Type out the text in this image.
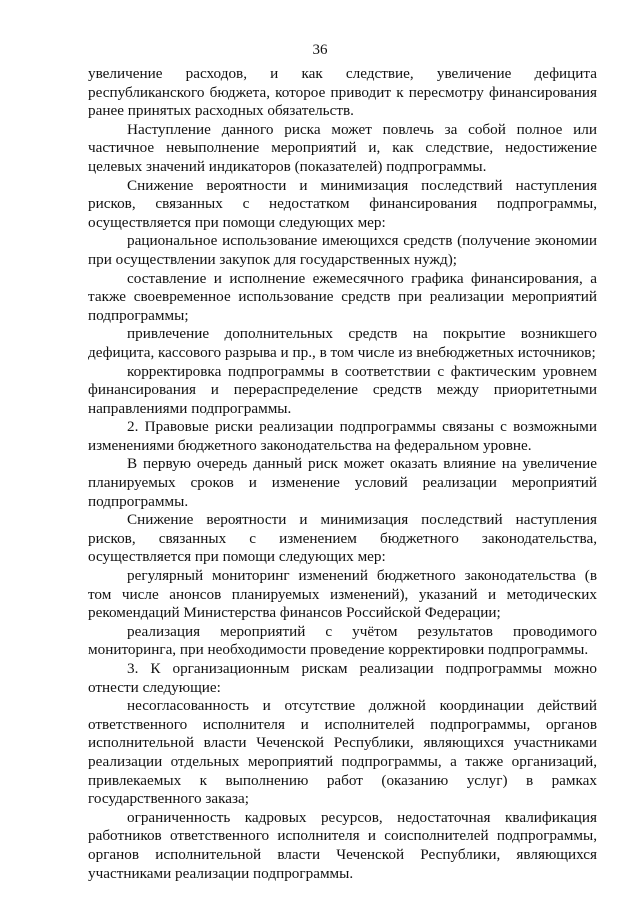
36

увеличение расходов, и как следствие, увеличение дефицита республиканского бюджета, которое приводит к пересмотру финансирования ранее принятых расходных обязательств.

Наступление данного риска может повлечь за собой полное или частичное невыполнение мероприятий и, как следствие, недостижение целевых значений индикаторов (показателей) подпрограммы.

Снижение вероятности и минимизация последствий наступления рисков, связанных с недостатком финансирования подпрограммы, осуществляется при помощи следующих мер:

рациональное использование имеющихся средств (получение экономии при осуществлении закупок для государственных нужд);

составление и исполнение ежемесячного графика финансирования, а также своевременное использование средств при реализации мероприятий подпрограммы;

привлечение дополнительных средств на покрытие возникшего дефицита, кассового разрыва и пр., в том числе из внебюджетных источников;

корректировка подпрограммы в соответствии с фактическим уровнем финансирования и перераспределение средств между приоритетными направлениями подпрограммы.

2. Правовые риски реализации подпрограммы связаны с возможными изменениями бюджетного законодательства на федеральном уровне.

В первую очередь данный риск может оказать влияние на увеличение планируемых сроков и изменение условий реализации мероприятий подпрограммы.

Снижение вероятности и минимизация последствий наступления рисков, связанных с изменением бюджетного законодательства, осуществляется при помощи следующих мер:

регулярный мониторинг изменений бюджетного законодательства (в том числе анонсов планируемых изменений), указаний и методических рекомендаций Министерства финансов Российской Федерации;

реализация мероприятий с учётом результатов проводимого мониторинга, при необходимости проведение корректировки подпрограммы.

3. К организационным рискам реализации подпрограммы можно отнести следующие:

несогласованность и отсутствие должной координации действий ответственного исполнителя и исполнителей подпрограммы, органов исполнительной власти Чеченской Республики, являющихся участниками реализации отдельных мероприятий подпрограммы, а также организаций, привлекаемых к выполнению работ (оказанию услуг) в рамках государственного заказа;

ограниченность кадровых ресурсов, недостаточная квалификация работников ответственного исполнителя и соисполнителей подпрограммы, органов исполнительной власти Чеченской Республики, являющихся участниками реализации подпрограммы.
